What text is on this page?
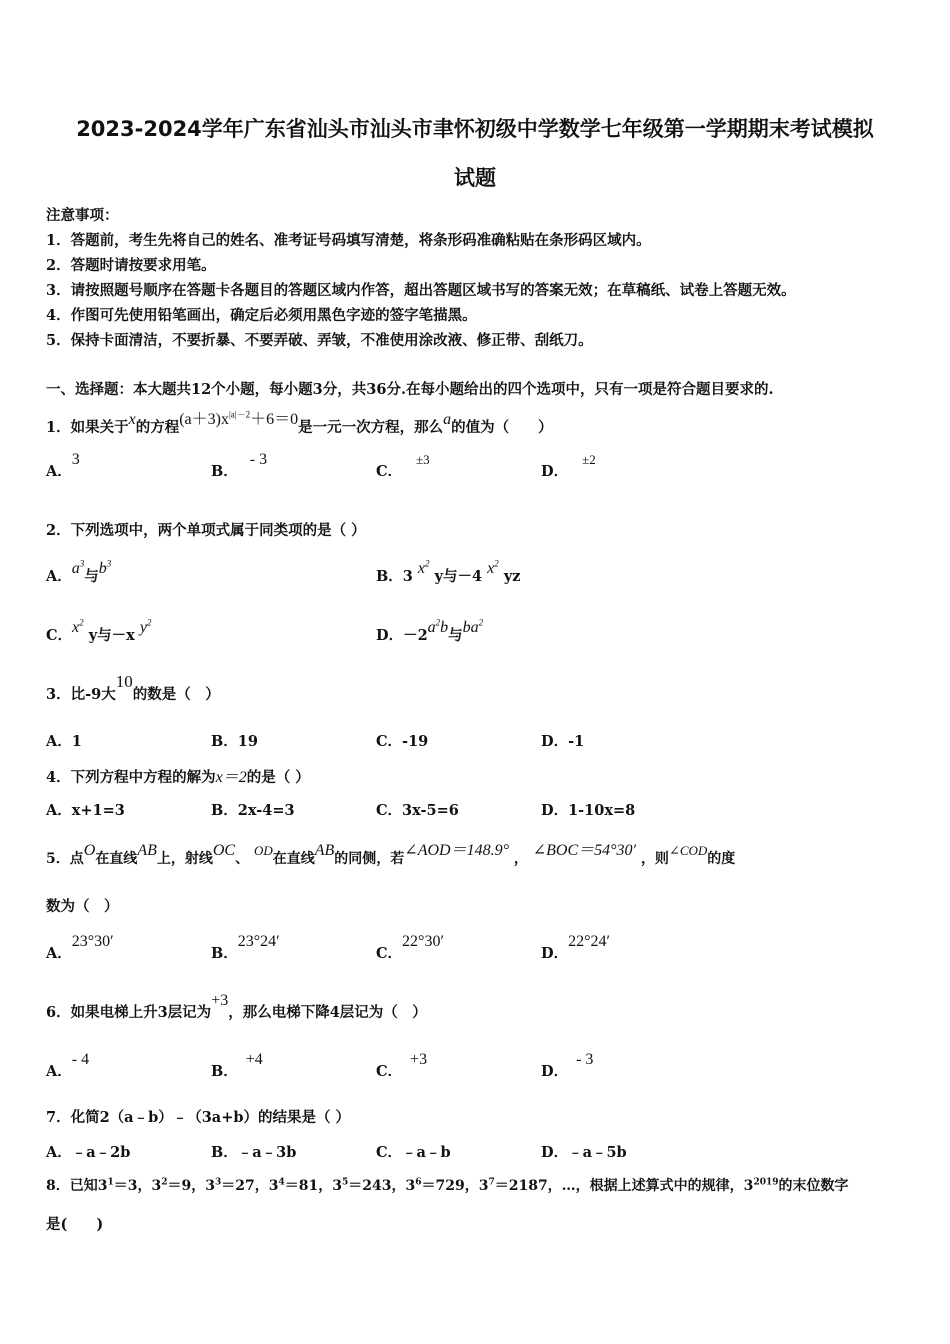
2023-2024学年广东省汕头市汕头市聿怀初级中学数学七年级第一学期期末考试模拟
试题
注意事项：
1．答题前，考生先将自己的姓名、准考证号码填写清楚，将条形码准确粘贴在条形码区域内。
2．答题时请按要求用笔。
3．请按照题号顺序在答题卡各题目的答题区域内作答，超出答题区域书写的答案无效；在草稿纸、试卷上答题无效。
4．作图可先使用铅笔画出，确定后必须用黑色字迹的签字笔描黑。
5．保持卡面清洁，不要折暴、不要弄破、弄皱，不准使用涂改液、修正带、刮纸刀。
一、选择题：本大题共12个小题，每小题3分，共36分.在每小题给出的四个选项中，只有一项是符合题目要求的.
1．如果关于x的方程$(a+3)x^{|a|-2}+6=0$是一元一次方程，那么a的值为（　　）
A．3
B．- 3
C．±3
D．±2
2．下列选项中，两个单项式属于同类项的是（ ）
A．$a^3$与$b^3$
B．3 $x^2$ y与－4 $x^2$ yz
C．$x^2$ y与－x $y^2$
D．$-2a^2b$与$ba^2$
3．比-9大10的数是（　）
A．1	B．19	C．-19	D．-1
4．下列方程中方程的解为x＝2的是（ ）
A．x+1=3	B．2x-4=3	C．3x-5=6	D．1-10x=8
5．点O在直线AB上，射线OC、 OD在直线AB的同侧，若∠AOD＝148.9° ， ∠BOC＝54°30′ ，则∠COD的度
数为（　）
A．23°30′
B．23°24′
C．22°30′
D．22°24′
6．如果电梯上升3层记为+3，那么电梯下降4层记为（　）
A．- 4
B．+4
C．+3
D．- 3
7．化简2（a﹣b）﹣（3a+b）的结果是（ ）
A．﹣a﹣2b	B．﹣a﹣3b	C．﹣a﹣b	D．﹣a﹣5b
8．已知$3^1=3$，$3^2=9$，$3^3=27$，$3^4=81$，$3^5=243$，$3^6=729$，$3^7=2187$，…，根据上述算式中的规律，$3^{2019}$的末位数字
是(　　)
